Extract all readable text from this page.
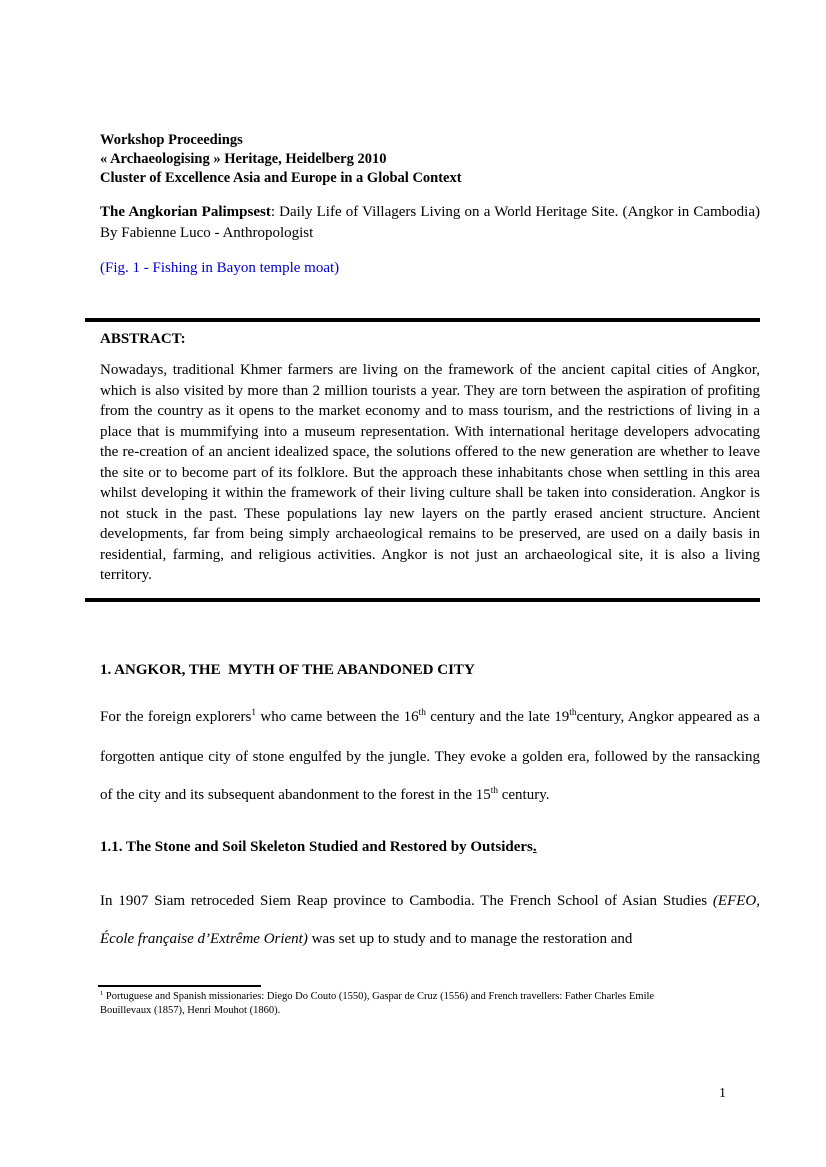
Workshop Proceedings
« Archaeologising » Heritage, Heidelberg 2010
Cluster of Excellence Asia and Europe in a Global Context
The Angkorian Palimpsest: Daily Life of Villagers Living on a World Heritage Site. (Angkor in Cambodia) By Fabienne Luco - Anthropologist
(Fig. 1 - Fishing in Bayon temple moat)
ABSTRACT:
Nowadays, traditional Khmer farmers are living on the framework of the ancient capital cities of Angkor, which is also visited by more than 2 million tourists a year. They are torn between the aspiration of profiting from the country as it opens to the market economy and to mass tourism, and the restrictions of living in a place that is mummifying into a museum representation. With international heritage developers advocating the re-creation of an ancient idealized space, the solutions offered to the new generation are whether to leave the site or to become part of its folklore. But the approach these inhabitants chose when settling in this area whilst developing it within the framework of their living culture shall be taken into consideration. Angkor is not stuck in the past. These populations lay new layers on the partly erased ancient structure. Ancient developments, far from being simply archaeological remains to be preserved, are used on a daily basis in residential, farming, and religious activities. Angkor is not just an archaeological site, it is also a living territory.
1. ANGKOR, THE  MYTH OF THE ABANDONED CITY
For the foreign explorers$^1$ who came between the 16th century and the late 19thcentury, Angkor appeared as a forgotten antique city of stone engulfed by the jungle. They evoke a golden era, followed by the ransacking of the city and its subsequent abandonment to the forest in the 15th century.
1.1. The Stone and Soil Skeleton Studied and Restored by Outsiders.
In 1907 Siam retroceded Siem Reap province to Cambodia. The French School of Asian Studies (EFEO, École française d’Extrême Orient) was set up to study and to manage the restoration and
$^1$ Portuguese and Spanish missionaries: Diego Do Couto (1550), Gaspar de Cruz (1556) and French travellers: Father Charles Emile Bouillevaux (1857), Henri Mouhot (1860).
1
